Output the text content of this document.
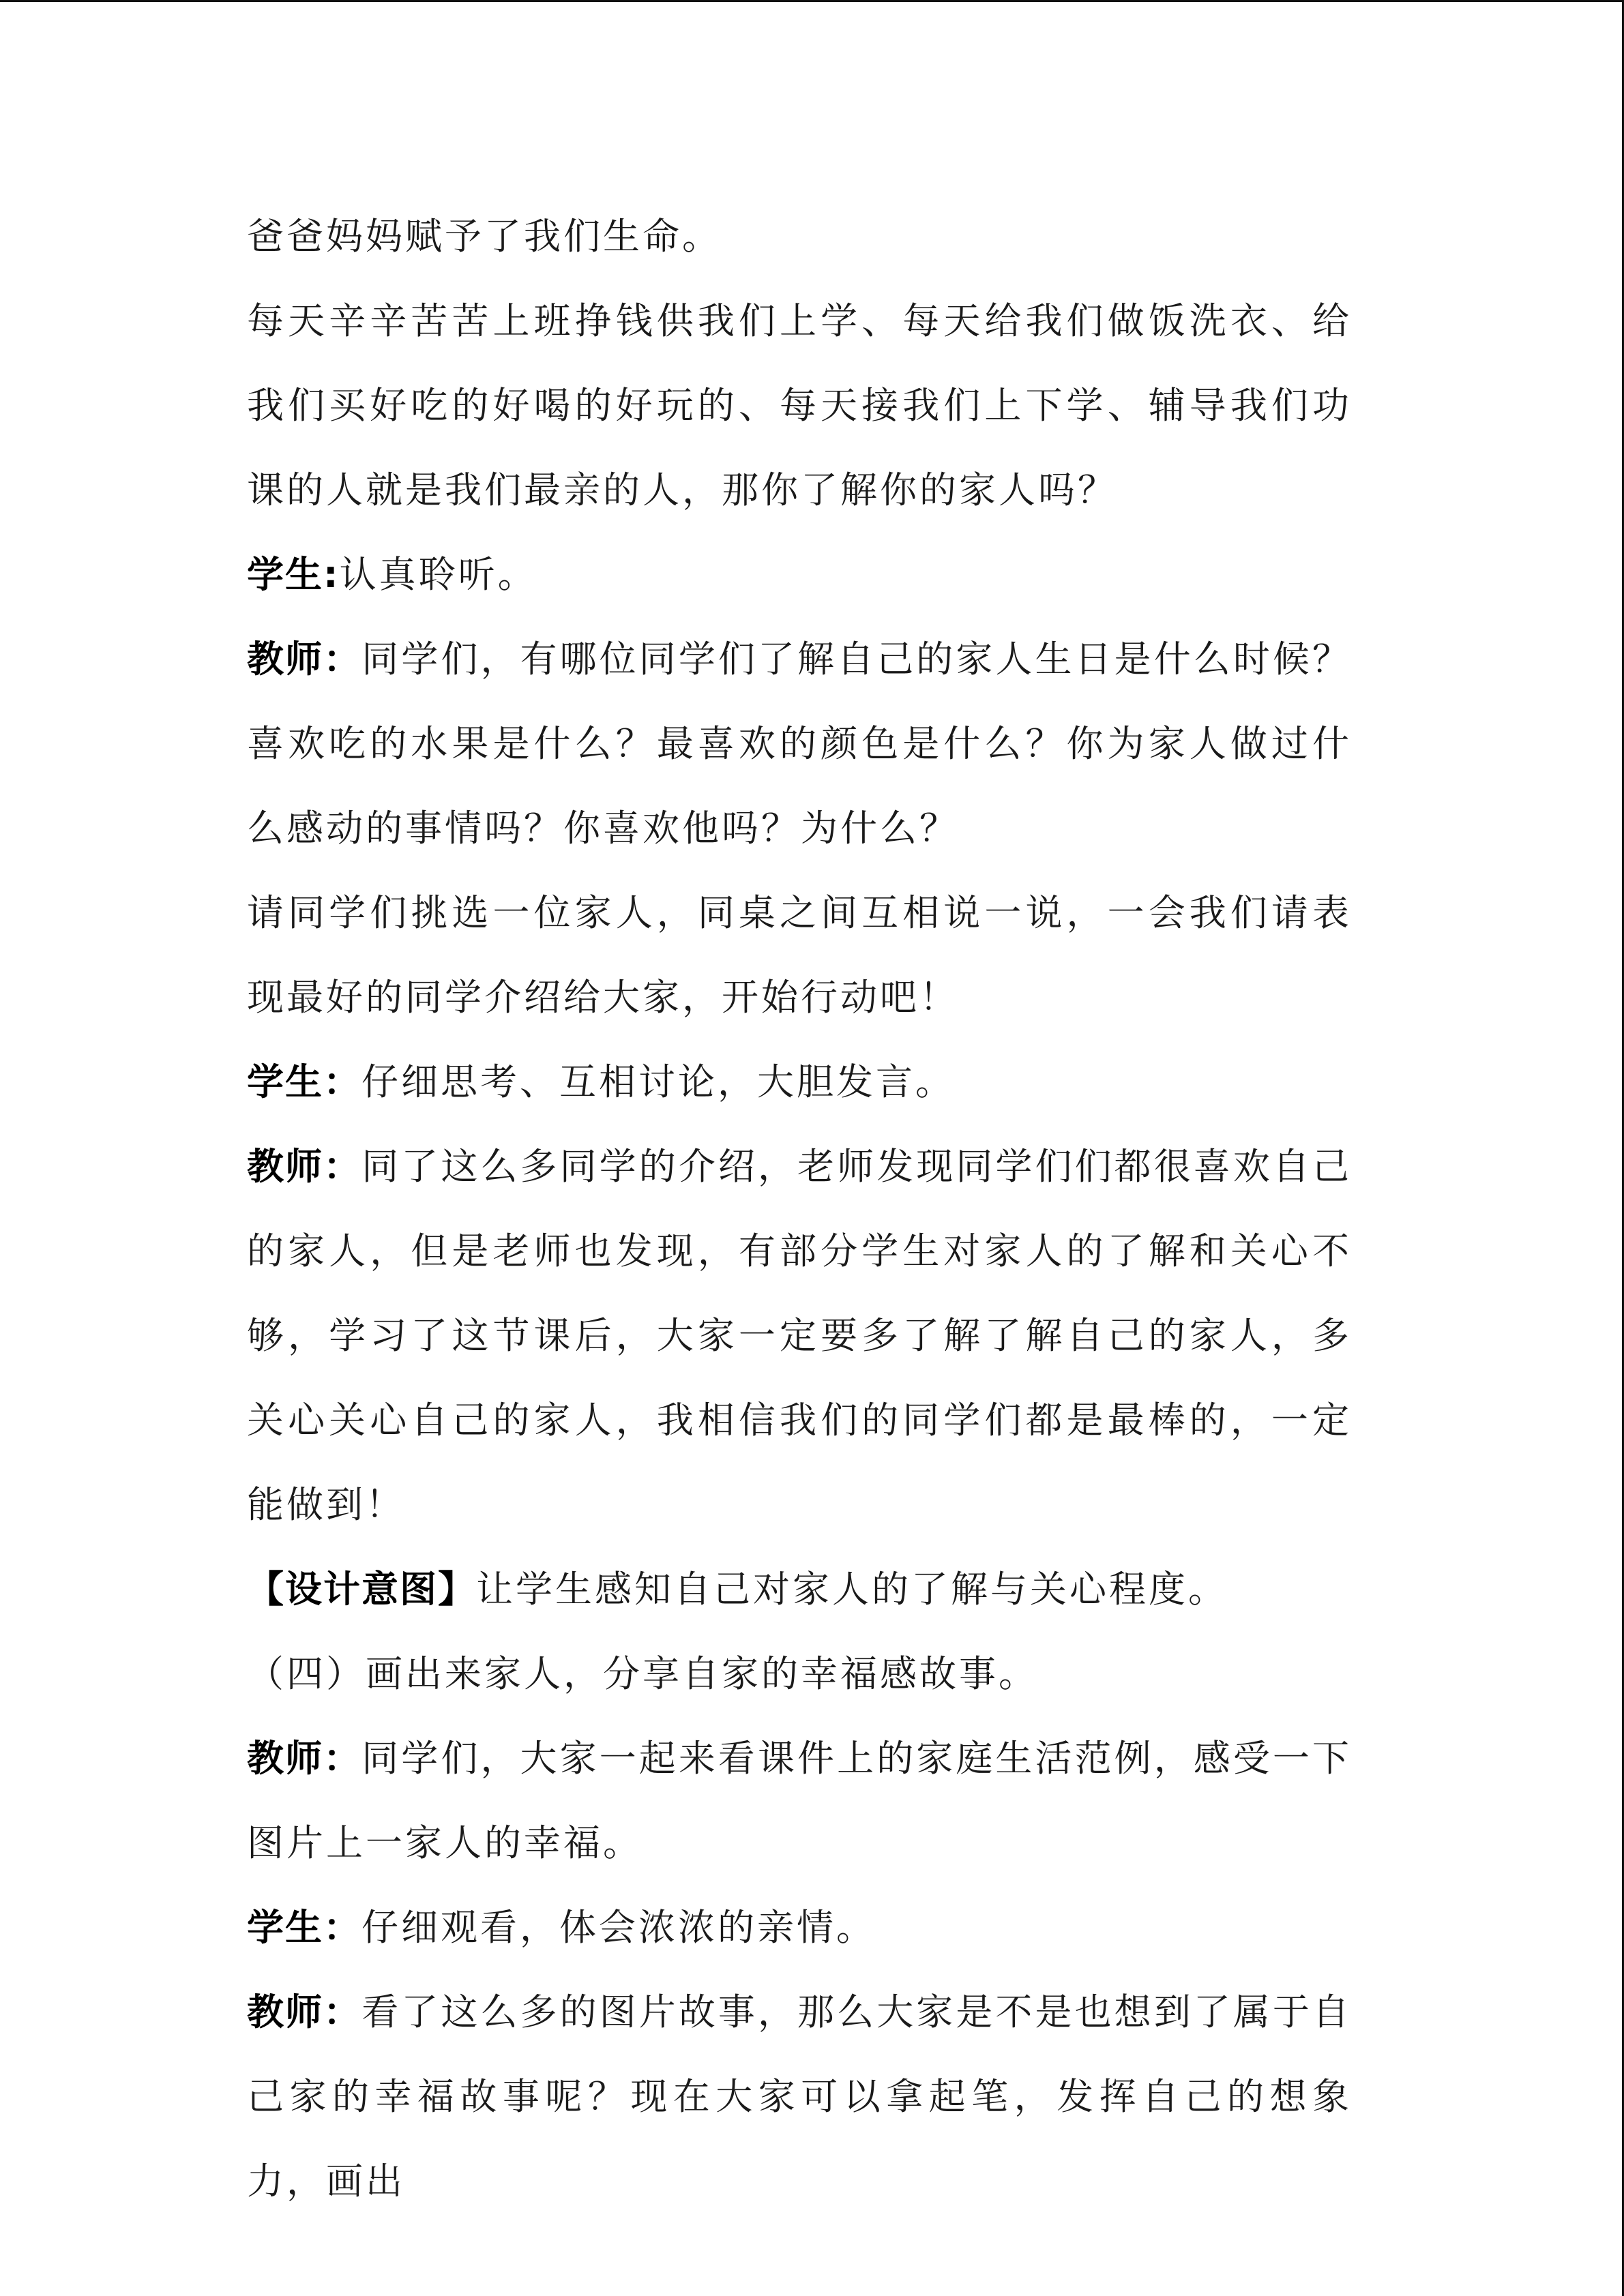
爸爸妈妈赋予了我们生命。

每天辛辛苦苦上班挣钱供我们上学、每天给我们做饭洗衣、给我们买好吃的好喝的好玩的、每天接我们上下学、辅导我们功课的人就是我们最亲的人，那你了解你的家人吗？

学生:认真聆听。

教师：同学们，有哪位同学们了解自己的家人生日是什么时候？喜欢吃的水果是什么？最喜欢的颜色是什么？你为家人做过什么感动的事情吗？你喜欢他吗？为什么？

请同学们挑选一位家人，同桌之间互相说一说，一会我们请表现最好的同学介绍给大家，开始行动吧！

学生：仔细思考、互相讨论，大胆发言。

教师：同了这么多同学的介绍，老师发现同学们们都很喜欢自己的家人，但是老师也发现，有部分学生对家人的了解和关心不够，学习了这节课后，大家一定要多了解了解自己的家人，多关心关心自己的家人，我相信我们的同学们都是最棒的，一定能做到！

【设计意图】让学生感知自己对家人的了解与关心程度。

（四）画出来家人，分享自家的幸福感故事。

教师：同学们，大家一起来看课件上的家庭生活范例，感受一下图片上一家人的幸福。

学生：仔细观看，体会浓浓的亲情。

教师：看了这么多的图片故事，那么大家是不是也想到了属于自己家的幸福故事呢？现在大家可以拿起笔，发挥自己的想象力，画出
